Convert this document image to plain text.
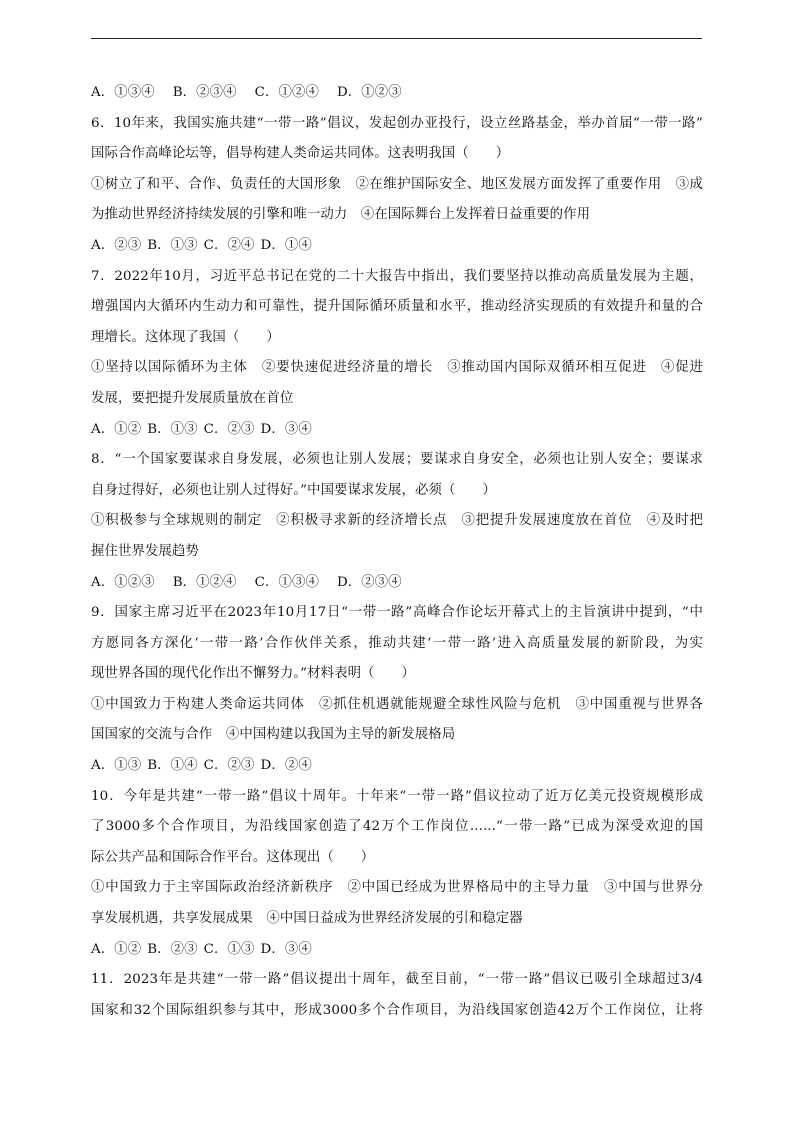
A．①③④ B．②③④ C．①②④ D．①②③
6．10年来，我国实施共建“一带一路”倡议，发起创办亚投行，设立丝路基金，举办首届“一带一路”
国际合作高峰论坛等，倡导构建人类命运共同体。这表明我国（　　）
①树立了和平、合作、负责任的大国形象　②在维护国际安全、地区发展方面发挥了重要作用　③成
为推动世界经济持续发展的引擎和唯一动力　④在国际舞台上发挥着日益重要的作用
A．②③ B．①③ C．②④ D．①④
7．2022年10月，习近平总书记在党的二十大报告中指出，我们要坚持以推动高质量发展为主题，
增强国内大循环内生动力和可靠性，提升国际循环质量和水平，推动经济实现质的有效提升和量的合
理增长。这体现了我国（　　）
①坚持以国际循环为主体　②要快速促进经济量的增长　③推动国内国际双循环相互促进　④促进
发展，要把提升发展质量放在首位
A．①② B．①③ C．②③ D．③④
8．“一个国家要谋求自身发展，必须也让别人发展；要谋求自身安全，必须也让别人安全；要谋求
自身过得好，必须也让别人过得好。”中国要谋求发展，必须（　　）
①积极参与全球规则的制定　②积极寻求新的经济增长点　③把提升发展速度放在首位　④及时把
握住世界发展趋势
A．①②③ B．①②④ C．①③④ D．②③④
9．国家主席习近平在2023年10月17日“一带一路”高峰合作论坛开幕式上的主旨演讲中提到，“中
方愿同各方深化‘一带一路’合作伙伴关系，推动共建‘一带一路’进入高质量发展的新阶段，为实
现世界各国的现代化作出不懈努力。”材料表明（　　）
①中国致力于构建人类命运共同体　②抓住机遇就能规避全球性风险与危机　③中国重视与世界各
国国家的交流与合作　④中国构建以我国为主导的新发展格局
A．①③ B．①④ C．②③ D．②④
10．今年是共建“一带一路”倡议十周年。十年来“一带一路”倡议拉动了近万亿美元投资规模形成
了3000多个合作项目，为沿线国家创造了42万个工作岗位......“一带一路”已成为深受欢迎的国
际公共产品和国际合作平台。这体现出（　　）
①中国致力于主宰国际政治经济新秩序　②中国已经成为世界格局中的主导力量　③中国与世界分
享发展机遇，共享发展成果　④中国日益成为世界经济发展的引和稳定器
A．①② B．②③ C．①③ D．③④
11．2023年是共建“一带一路”倡议提出十周年，截至目前，“一带一路”倡议已吸引全球超过3/4
国家和32个国际组织参与其中，形成3000多个合作项目，为沿线国家创造42万个工作岗位，让将
